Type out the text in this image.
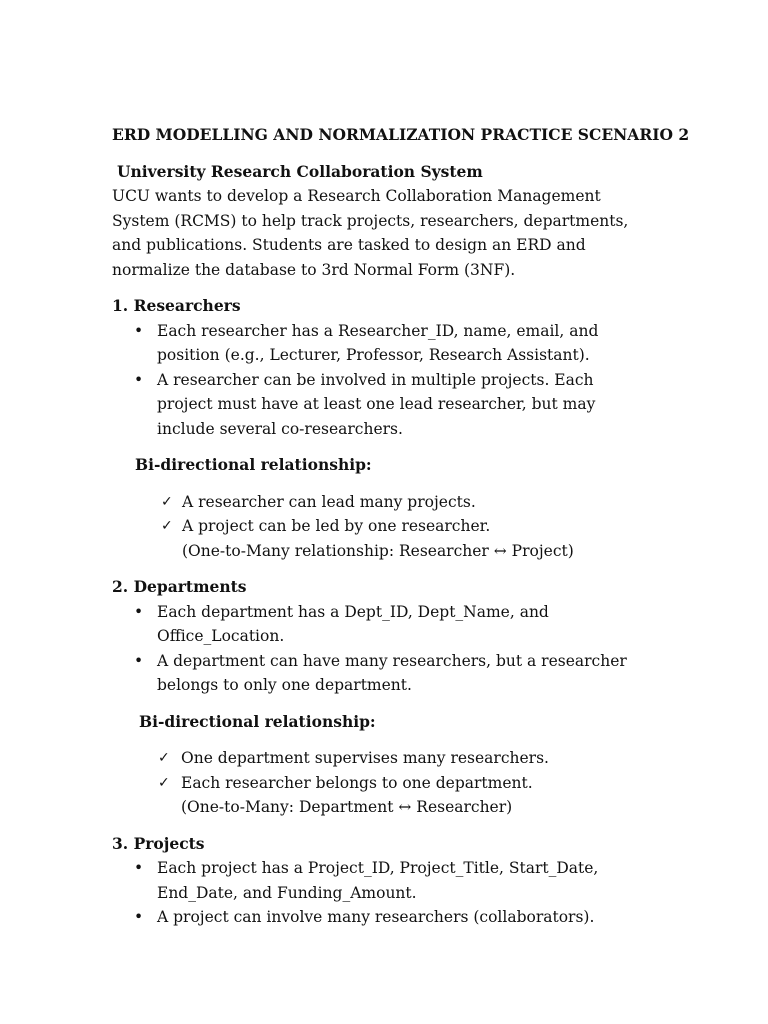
ERD MODELLING AND NORMALIZATION PRACTICE SCENARIO 2

University Research Collaboration System

UCU wants to develop a Research Collaboration Management System (RCMS) to help track projects, researchers, departments, and publications. Students are tasked to design an ERD and normalize the database to 3rd Normal Form (3NF).

1. Researchers

• Each researcher has a Researcher_ID, name, email, and position (e.g., Lecturer, Professor, Research Assistant).
• A researcher can be involved in multiple projects. Each project must have at least one lead researcher, but may include several co-researchers.

Bi-directional relationship:

✓ A researcher can lead many projects.
✓ A project can be led by one researcher.

(One-to-Many relationship: Researcher ↔ Project)

2. Departments

• Each department has a Dept_ID, Dept_Name, and Office_Location.
• A department can have many researchers, but a researcher belongs to only one department.

Bi-directional relationship:

✓ One department supervises many researchers.
✓ Each researcher belongs to one department.

(One-to-Many: Department ↔ Researcher)

3. Projects

• Each project has a Project_ID, Project_Title, Start_Date, End_Date, and Funding_Amount.
• A project can involve many researchers (collaborators).
